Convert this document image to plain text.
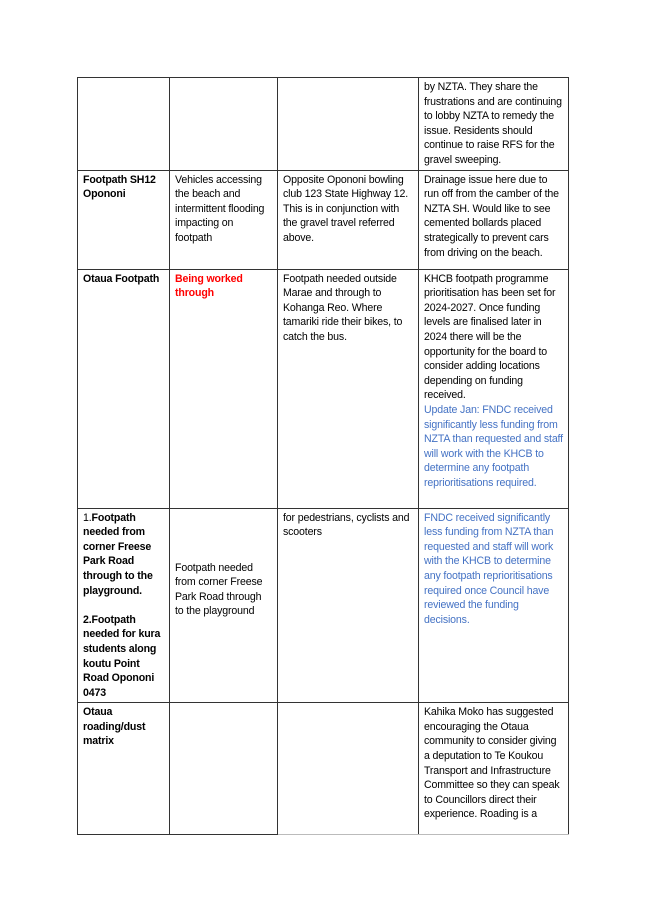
			by NZTA. They share the frustrations and are continuing to lobby NZTA to remedy the issue. Residents should continue to raise RFS for the gravel sweeping.
Footpath SH12 Opononi	Vehicles accessing the beach and intermittent flooding impacting on footpath	Opposite Opononi bowling club 123 State Highway 12. This is in conjunction with the gravel travel referred above.	Drainage issue here due to run off from the camber of the NZTA SH. Would like to see cemented bollards placed strategically to prevent cars from driving on the beach.
Otaua Footpath	Being worked through	Footpath needed outside Marae and through to Kohanga Reo. Where tamariki ride their bikes, to catch the bus.	KHCB footpath programme prioritisation has been set for 2024-2027. Once funding levels are finalised later in 2024 there will be the opportunity for the board to consider adding locations depending on funding received.
Update Jan: FNDC received significantly less funding from NZTA than requested and staff will work with the KHCB to determine any footpath reprioritisations required.

1.Footpath needed from corner Freese Park Road through to the playground.
2.Footpath needed for kura students along koutu Point Road Opononi 0473	Footpath needed from corner Freese Park Road through to the playground	for pedestrians, cyclists and scooters	FNDC received significantly less funding from NZTA than requested and staff will work with the KHCB to determine any footpath reprioritisations required once Council have reviewed the funding decisions.

Otaua roading/dust matrix			Kahika Moko has suggested encouraging the Otaua community to consider giving a deputation to Te Koukou Transport and Infrastructure Committee so they can speak to Councillors direct their experience. Roading is a
